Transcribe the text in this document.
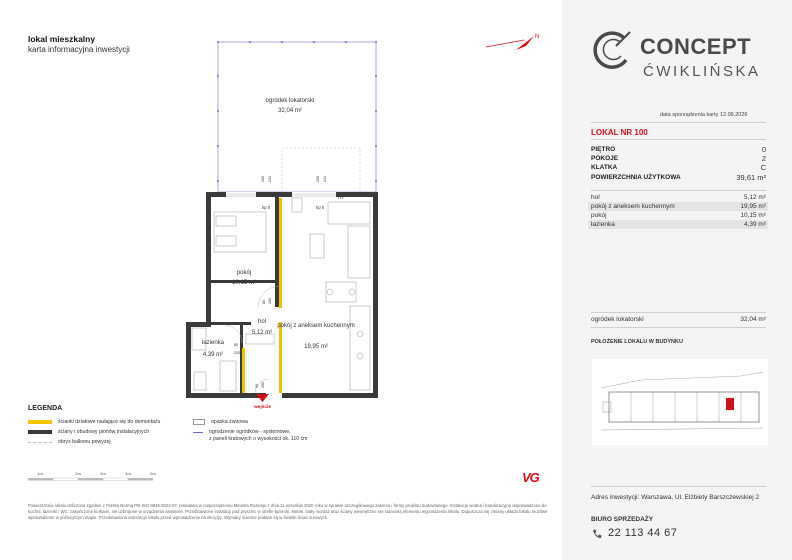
lokal mieszkalny
karta informacyjna inwestycji
N
ogródek lokatorski
32,04 m²
hp 0	hp 0
FIX
100 241	200 241
80 200
80
200
90 200
pokój
10,15 m²
hol
5,12 m²
łazienka
4,39 m²
pokój z aneksem kuchennym
19,95 m²
wejście
LEGENDA
ścianki działowe nadające się do demontażu
ściany i obudowy pionów instalacyjnych
obrys balkonu powyżej
opaska żwirowa
ogrodzenie ogródków - systemowe,
z paneli kratowych o wysokości ok. 110 cm
1m	2m	3m	4m	5m	VG
Powierzchnia lokalu obliczona zgodnie z Polską Normą PN-ISO 9836:2022-07, powołaną w rozporządzeniu Ministra Rozwoju z dnia 11 września 2020 roku w sprawie szczegółowego zakresu i formy projektu budowlanego. Instalacje wodna i kanalizacyjna doprowadzono do kuchni, łazienki i WC, zakończone korkami, nie uzbrojone w urządzenia sanitarne. Przedstawione instalacji pod prysznic w strefie łazienki. Meble, biały montaż oraz ściany wewnętrzne nie stanowią elementu wyposażenia lokalu. Dopuszcza się zmiany układu lokalu możliwe wprowadzone w późniejszym etapie. Przedstawiona aranżacja lokalu przed wprowadzenie na decyzję. Wymiary ścienne podane są w świetle ścian surowych.
CONCEPT
ĆWIKLIŃSKA
data sporządzenia karty 12.06.2026
LOKAL NR 100
PIĘTRO	0
POKOJE	2
KLATKA	C
POWIERZCHNIA UŻYTKOWA	39,61 m²
hol	5,12 m²
pokój z aneksem kuchennym	19,95 m²
pokój	10,15 m²
łazienka	4,39 m²
ogródek lokatorski	32,04 m²
POŁOŻENIE LOKALU W BUDYNKU
Adres inwestycji: Warszawa, Ul. Elżbiety Barszczewskiej 2
BIURO SPRZEDAŻY
22 113 44 67
